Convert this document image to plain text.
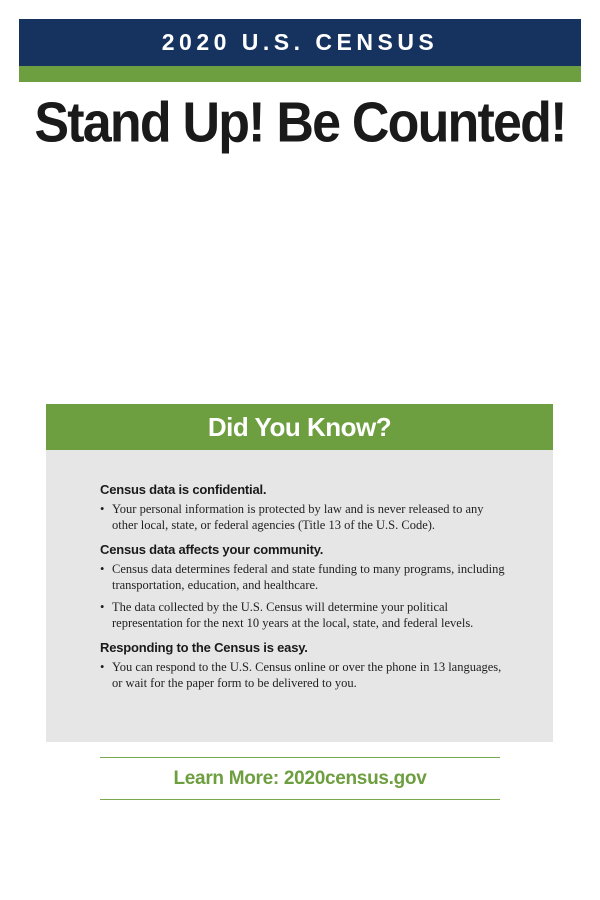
2020 U.S. CENSUS
Stand Up! Be Counted!
Did You Know?
Census data is confidential.
• Your personal information is protected by law and is never released to any other local, state, or federal agencies (Title 13 of the U.S. Code).
Census data affects your community.
• Census data determines federal and state funding to many programs, including transportation, education, and healthcare.
• The data collected by the U.S. Census will determine your political representation for the next 10 years at the local, state, and federal levels.
Responding to the Census is easy.
• You can respond to the U.S. Census online or over the phone in 13 languages, or wait for the paper form to be delivered to you.
Learn More: 2020census.gov
